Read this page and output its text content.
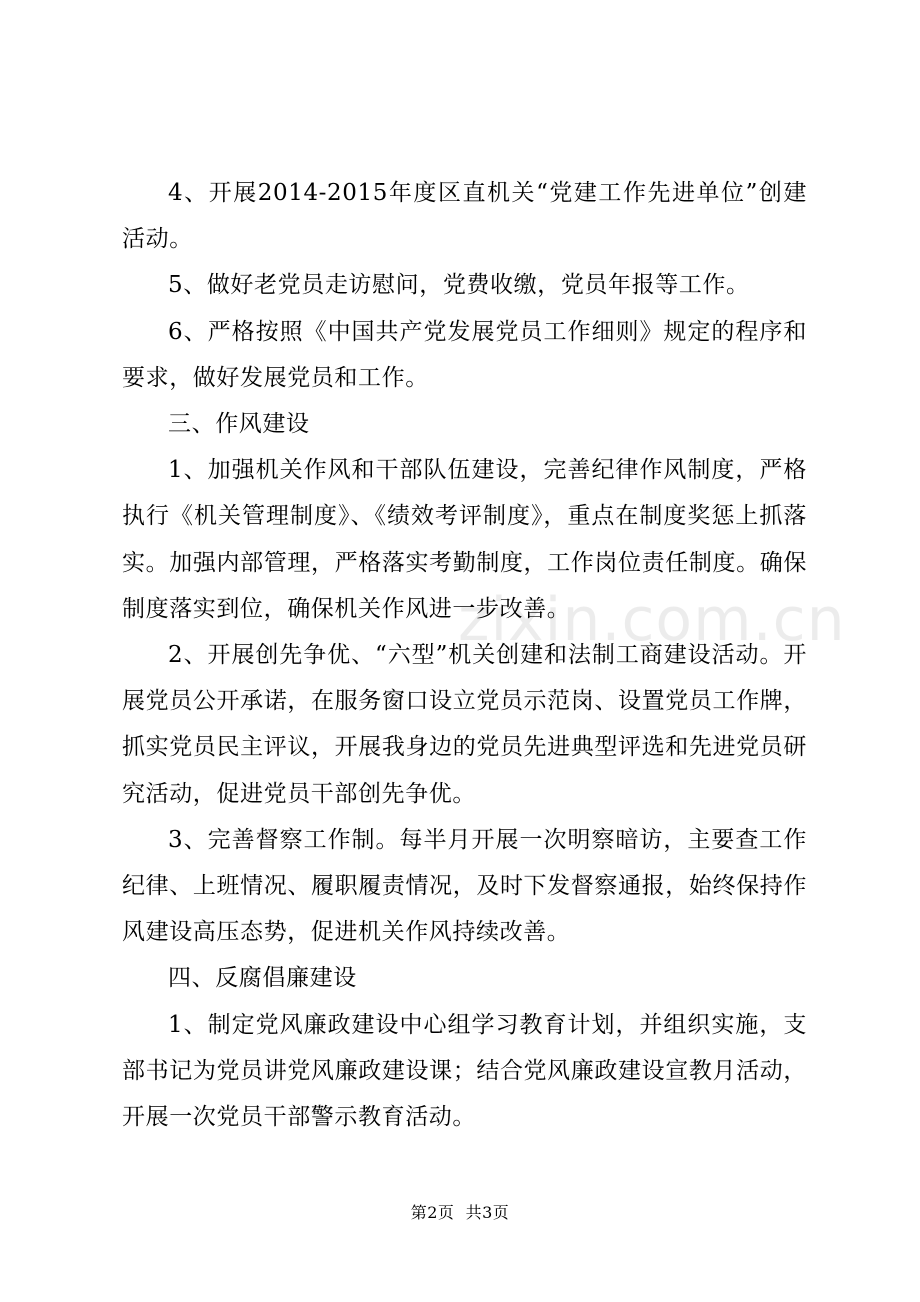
4、开展2014-2015年度区直机关“党建工作先进单位”创建活动。

5、做好老党员走访慰问，党费收缴，党员年报等工作。

6、严格按照《中国共产党发展党员工作细则》规定的程序和要求，做好发展党员和工作。

三、作风建设

1、加强机关作风和干部队伍建设，完善纪律作风制度，严格执行《机关管理制度》、《绩效考评制度》，重点在制度奖惩上抓落实。加强内部管理，严格落实考勤制度，工作岗位责任制度。确保制度落实到位，确保机关作风进一步改善。

2、开展创先争优、“六型”机关创建和法制工商建设活动。开展党员公开承诺，在服务窗口设立党员示范岗、设置党员工作牌，抓实党员民主评议，开展我身边的党员先进典型评选和先进党员研究活动，促进党员干部创先争优。

3、完善督察工作制。每半月开展一次明察暗访，主要查工作纪律、上班情况、履职履责情况，及时下发督察通报，始终保持作风建设高压态势，促进机关作风持续改善。

四、反腐倡廉建设

1、制定党风廉政建设中心组学习教育计划，并组织实施，支部书记为党员讲党风廉政建设课；结合党风廉政建设宣教月活动，开展一次党员干部警示教育活动。

zixin.com.cn
第2页  共3页
